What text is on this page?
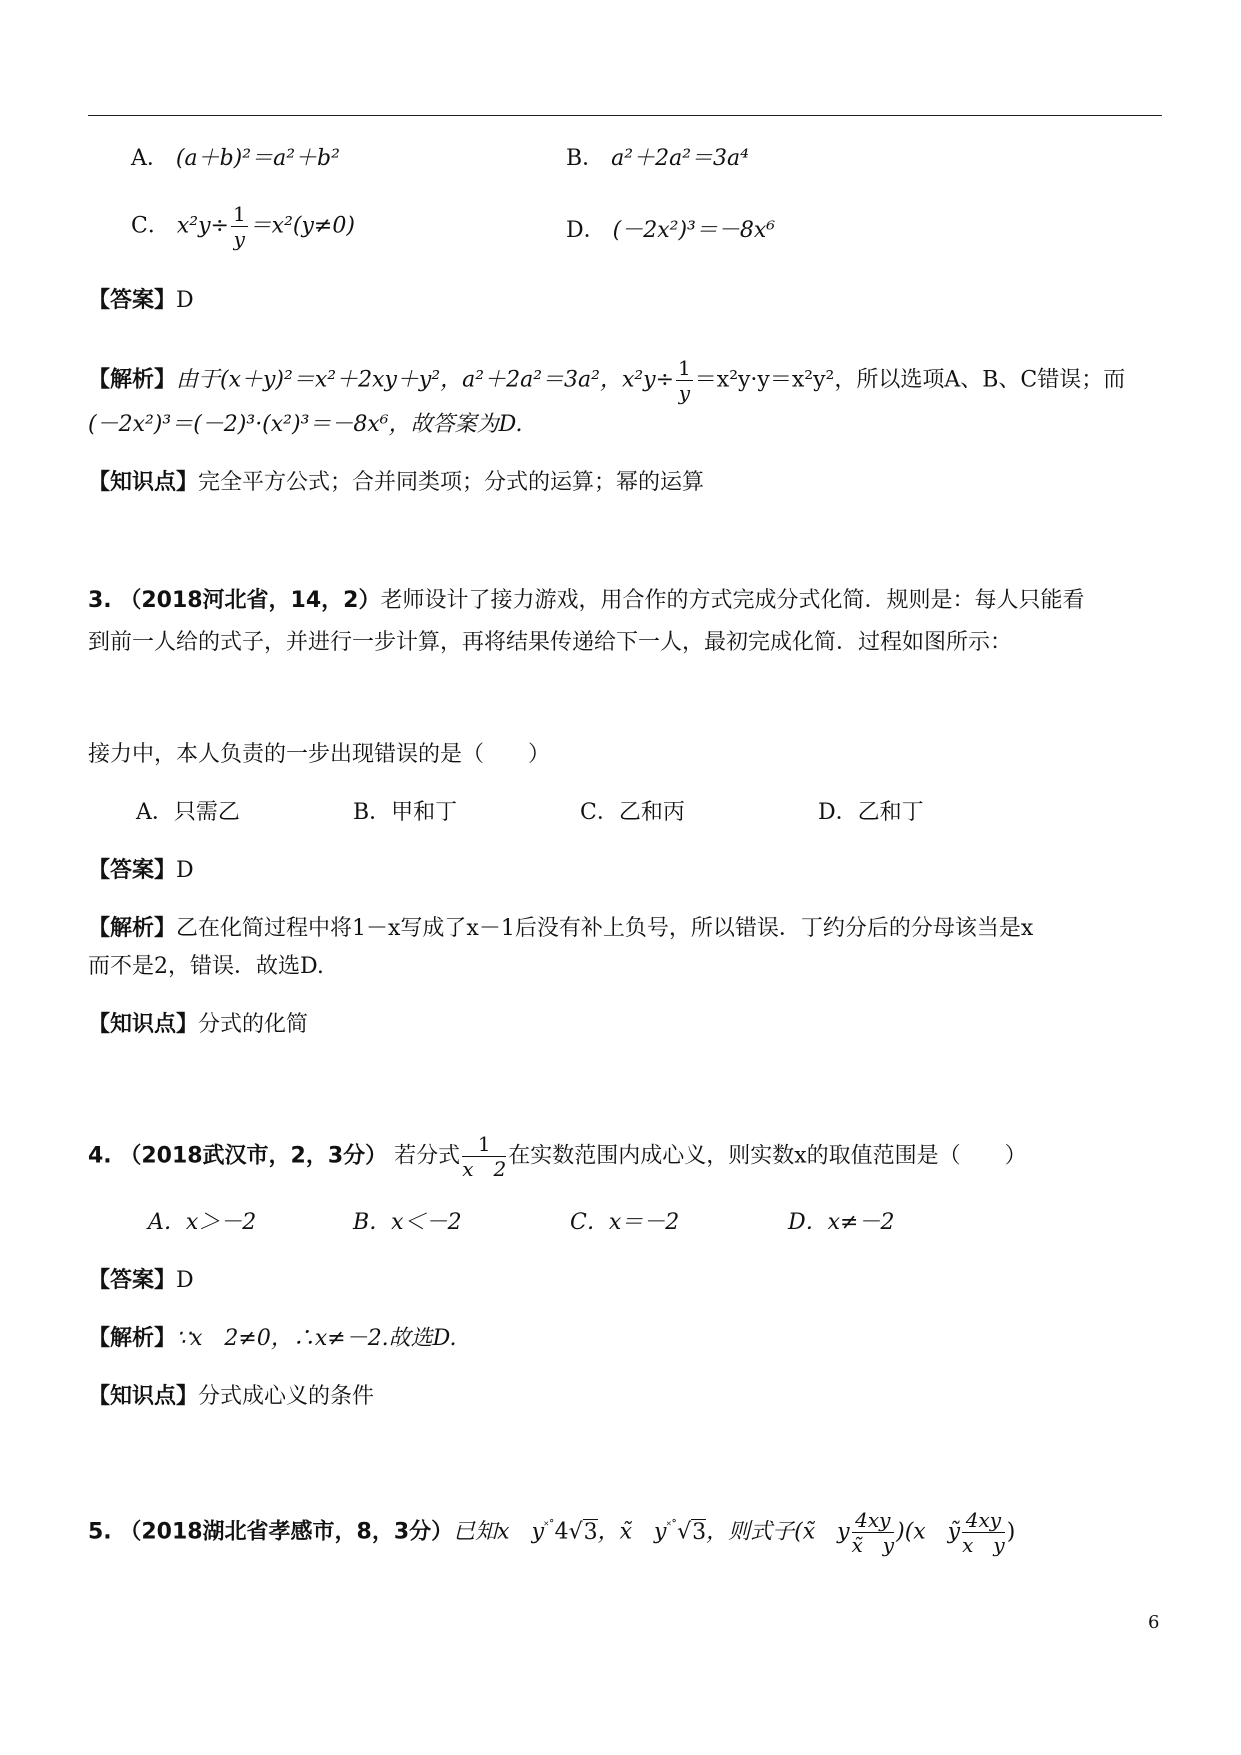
A． (a＋b)²＝a²＋b²	B． a²＋2a²＝3a⁴
C． $x^2y\div \frac{1}{y} =x^2(y\ne 0)$	D． (－2x²)³＝－8x⁶
【答案】D
【解析】由于(x＋y)²＝x²＋2xy＋y²，a²＋2a²＝3a²，$x^2y\div \frac{1}{y} =x^2y\cdot y=x^2y^2$，所以选项A、B、C错误；而
(－2x²)³＝(－2)³·(x²)³＝－8x⁶，故答案为D.
【知识点】完全平方公式；合并同类项；分式的运算；幂的运算
3. （2018河北省，14，2）老师设计了接力游戏，用合作的方式完成分式化简．规则是：每人只能看
到前一人给的式子，并进行一步计算，再将结果传递给下一人，最初完成化简．过程如图所示：
接力中，本人负责的一步出现错误的是（　　）
A．只需乙	B．甲和丁	C．乙和丙	D．乙和丁
【答案】D
【解析】乙在化简过程中将1－x写成了x－1后没有补上负号，所以错误．丁约分后的分母该当是x
而不是2，错误．故选D.
【知识点】分式的化简
4. （2018武汉市，2，3分） 若分式 $\frac{1}{x 2}$ 在实数范围内成心义，则实数x的取值范围是（　　）
A．x＞－2	B．x＜－2	C．x＝－2	D．x≠－2
【答案】D
【解析】∵x　2≠0，∴x≠－2.故选D.
【知识点】分式成心义的条件
5. （2018湖北省孝感市，8，3分）已知x　y˟˚4√3，x̃　y˟˚√3，则式子(x̃　y $\frac{4xy}{x̃ y} )(x$　ỹ $\frac{4xy}{\text{x　y}}$ )
6
